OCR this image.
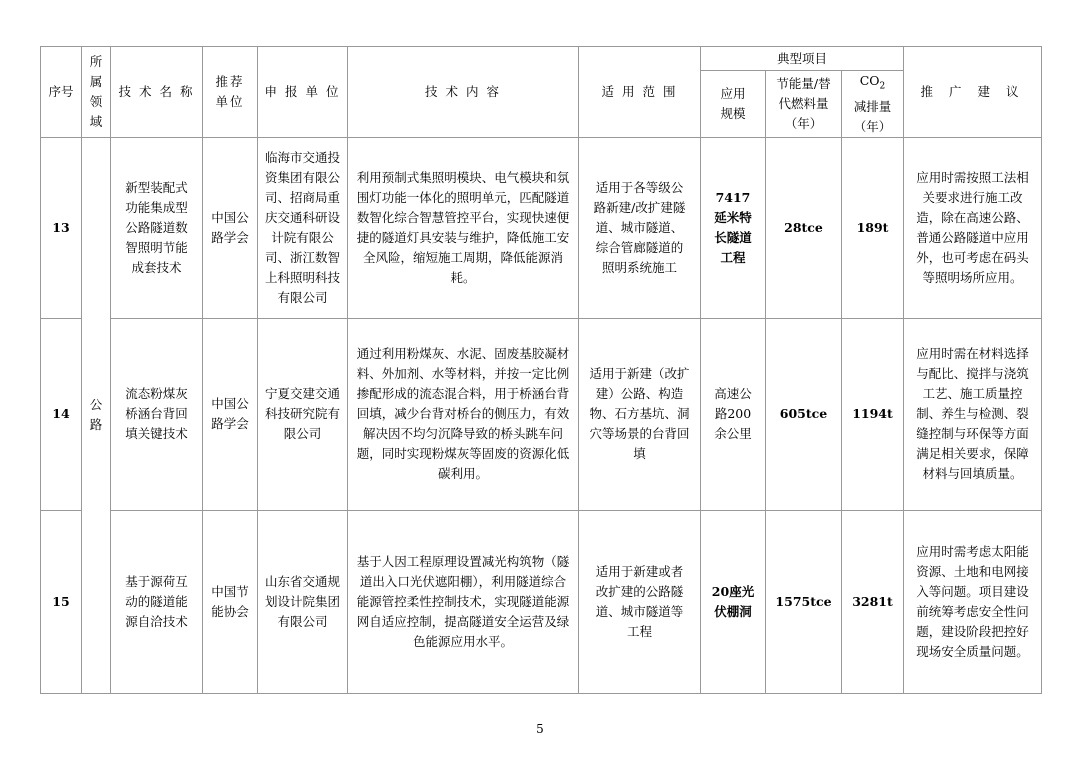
序号	所属领域	技 术 名 称	推荐单位	申 报 单 位	技 术 内 容	适 用 范 围	典型项目			推 广 建 议
							应用规模	节能量/替代燃料量（年）	$CO_2$
减排量（年）	
13	公路	新型装配式功能集成型公路隧道数智照明节能成套技术	中国公路学会	临海市交通投资集团有限公司、招商局重庆交通科研设计院有限公司、浙江数智上科照明科技有限公司	利用预制式集照明模块、电气模块和氛围灯功能一体化的照明单元，匹配隧道数智化综合智慧管控平台，实现快速便捷的隧道灯具安装与维护，降低施工安全风险，缩短施工周期，降低能源消耗。	适用于各等级公路新建/改扩建隧道、城市隧道、综合管廊隧道的照明系统施工	7417延米特长隧道工程	28tce	189t	应用时需按照工法相关要求进行施工改造，除在高速公路、普通公路隧道中应用外，也可考虑在码头等照明场所应用。
14		流态粉煤灰桥涵台背回填关键技术	中国公路学会	宁夏交建交通科技研究院有限公司	通过利用粉煤灰、水泥、固废基胶凝材料、外加剂、水等材料，并按一定比例掺配形成的流态混合料，用于桥涵台背回填，减少台背对桥台的侧压力，有效解决因不均匀沉降导致的桥头跳车问题，同时实现粉煤灰等固废的资源化低碳利用。	适用于新建（改扩建）公路、构造物、石方基坑、洞穴等场景的台背回填	高速公路200余公里	605tce	1194t	应用时需在材料选择与配比、搅拌与浇筑工艺、施工质量控制、养生与检测、裂缝控制与环保等方面满足相关要求，保障材料与回填质量。
15		基于源荷互动的隧道能源自洽技术	中国节能协会	山东省交通规划设计院集团有限公司	基于人因工程原理设置减光构筑物（隧道出入口光伏遮阳棚），利用隧道综合能源管控柔性控制技术，实现隧道能源网自适应控制，提高隧道安全运营及绿色能源应用水平。	适用于新建或者改扩建的公路隧道、城市隧道等工程	20座光伏棚洞	1575tce	3281t	应用时需考虑太阳能资源、土地和电网接入等问题。项目建设前统筹考虑安全性问题，建设阶段把控好现场安全质量问题。
5
